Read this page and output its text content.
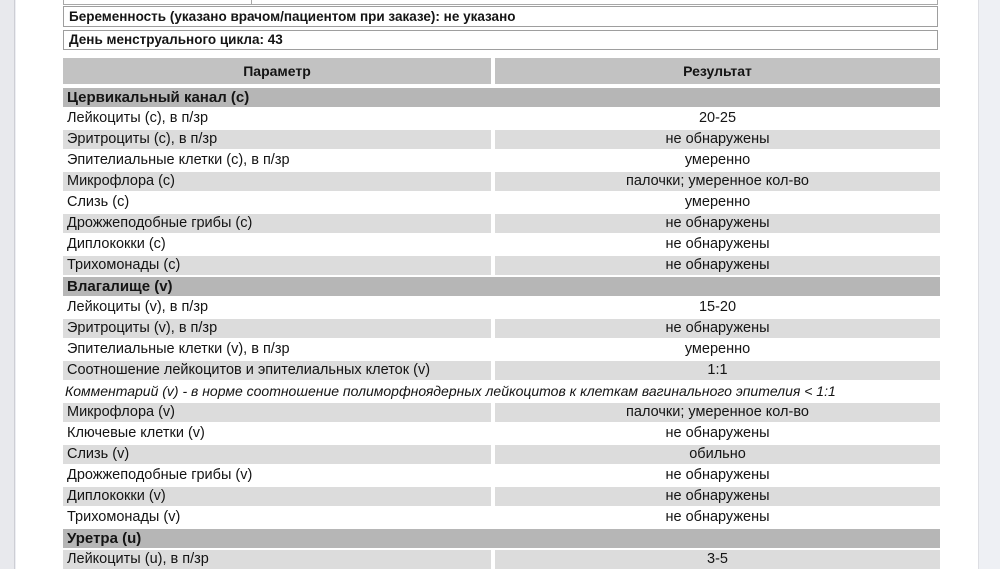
Беременность (указано врачом/пациентом при заказе): не указано
День менструального цикла: 43
Параметр	Результат
Цервикальный канал (c)
Лейкоциты (c), в п/зр	20-25
Эритроциты (c), в п/зр	не обнаружены
Эпителиальные клетки (c), в п/зр	умеренно
Микрофлора (c)	палочки; умеренное кол-во
Слизь (c)	умеренно
Дрожжеподобные грибы (c)	не обнаружены
Диплококки (c)	не обнаружены
Трихомонады (c)	не обнаружены
Влагалище (v)
Лейкоциты (v), в п/зр	15-20
Эритроциты (v), в п/зр	не обнаружены
Эпителиальные клетки (v), в п/зр	умеренно
Соотношение лейкоцитов и эпителиальных клеток (v)	1:1
Комментарий (v) - в норме соотношение полиморфноядерных лейкоцитов к клеткам вагинального эпителия < 1:1
Микрофлора (v)	палочки; умеренное кол-во
Ключевые клетки (v)	не обнаружены
Слизь (v)	обильно
Дрожжеподобные грибы (v)	не обнаружены
Диплококки (v)	не обнаружены
Трихомонады (v)	не обнаружены
Уретра (u)
Лейкоциты (u), в п/зр	3-5
